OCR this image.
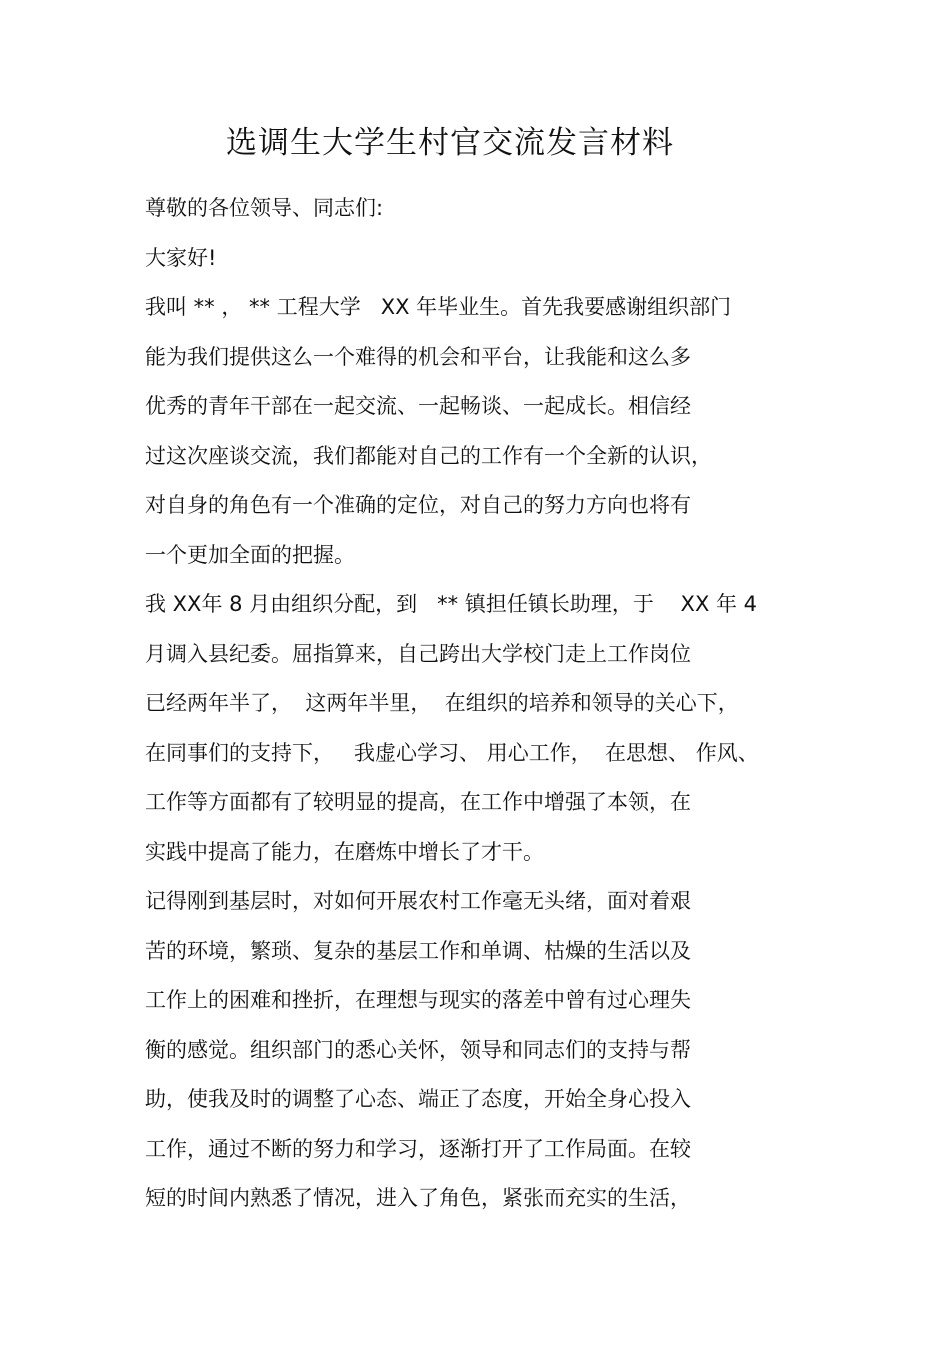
选调生大学生村官交流发言材料

尊敬的各位领导、同志们:

大家好!

我叫 ** ， ** 工程大学   XX 年毕业生。首先我要感谢组织部门

能为我们提供这么一个难得的机会和平台，让我能和这么多

优秀的青年干部在一起交流、一起畅谈、一起成长。相信经

过这次座谈交流，我们都能对自己的工作有一个全新的认识，

对自身的角色有一个准确的定位，对自己的努力方向也将有

一个更加全面的把握。

我 XX年 8 月由组织分配，到   ** 镇担任镇长助理，于    XX 年 4

月调入县纪委。屈指算来，自己跨出大学校门走上工作岗位

已经两年半了，  这两年半里，  在组织的培养和领导的关心下，

在同事们的支持下，   我虚心学习、 用心工作，  在思想、 作风、

工作等方面都有了较明显的提高，在工作中增强了本领，在

实践中提高了能力，在磨炼中增长了才干。

记得刚到基层时，对如何开展农村工作毫无头绪，面对着艰

苦的环境，繁琐、复杂的基层工作和单调、枯燥的生活以及

工作上的困难和挫折，在理想与现实的落差中曾有过心理失

衡的感觉。组织部门的悉心关怀，领导和同志们的支持与帮

助，使我及时的调整了心态、端正了态度，开始全身心投入

工作，通过不断的努力和学习，逐渐打开了工作局面。在较

短的时间内熟悉了情况，进入了角色，紧张而充实的生活，
